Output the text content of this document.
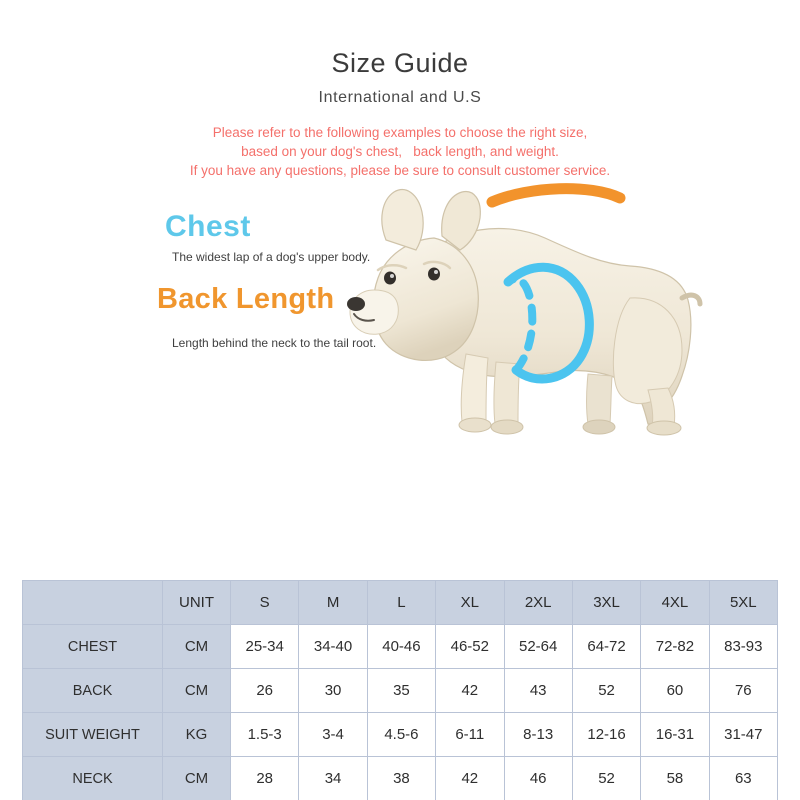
Size Guide
International and U.S
Please refer to the following examples to choose the right size,
based on your dog's chest,   back length, and weight.
If you have any questions, please be sure to consult customer service.
Chest
The widest lap of a dog's upper body.
Back Length
Length behind the neck to the tail root.
	UNIT	S	M	L	XL	2XL	3XL	4XL	5XL
CHEST	CM	25-34	34-40	40-46	46-52	52-64	64-72	72-82	83-93
BACK	CM	26	30	35	42	43	52	60	76
SUIT WEIGHT	KG	1.5-3	3-4	4.5-6	6-11	8-13	12-16	16-31	31-47
NECK	CM	28	34	38	42	46	52	58	63
